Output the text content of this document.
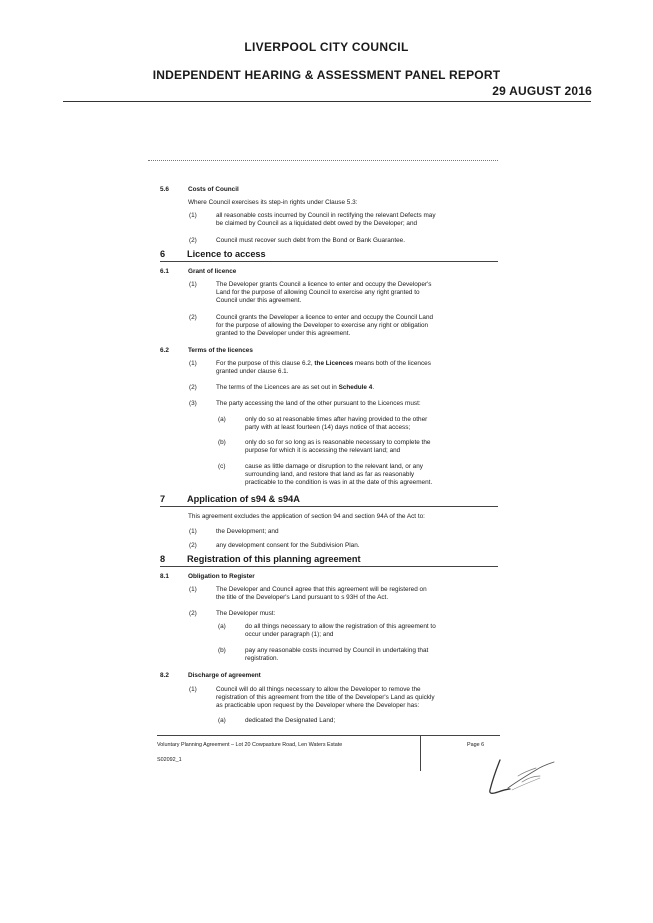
LIVERPOOL CITY COUNCIL
INDEPENDENT HEARING & ASSESSMENT PANEL REPORT
29 AUGUST 2016
5.6	Costs of Council
Where Council exercises its step-in rights under Clause 5.3:
(1)	all reasonable costs incurred by Council in rectifying the relevant Defects may
be claimed by Council as a liquidated debt owed by the Developer; and
(2)	Council must recover such debt from the Bond or Bank Guarantee.
6 Licence to access
6.1	Grant of licence
(1)	The Developer grants Council a licence to enter and occupy the Developer's
Land for the purpose of allowing Council to exercise any right granted to
Council under this agreement.
(2)	Council grants the Developer a licence to enter and occupy the Council Land
for the purpose of allowing the Developer to exercise any right or obligation
granted to the Developer under this agreement.
6.2	Terms of the licences
(1)	For the purpose of this clause 6.2, the Licences means both of the licences
granted under clause 6.1.
(2)	The terms of the Licences are as set out in Schedule 4.
(3)	The party accessing the land of the other pursuant to the Licences must:
(a)	only do so at reasonable times after having provided to the other
party with at least fourteen (14) days notice of that access;
(b)	only do so for so long as is reasonable necessary to complete the
purpose for which it is accessing the relevant land; and
(c)	cause as little damage or disruption to the relevant land, or any
surrounding land, and restore that land as far as reasonably
practicable to the condition is was in at the date of this agreement.
7 Application of s94 & s94A
This agreement excludes the application of section 94 and section 94A of the Act to:
(1)	the Development; and
(2)	any development consent for the Subdivision Plan.
8 Registration of this planning agreement
8.1	Obligation to Register
(1)	The Developer and Council agree that this agreement will be registered on
the title of the Developer's Land pursuant to s 93H of the Act.
(2)	The Developer must:
(a)	do all things necessary to allow the registration of this agreement to
occur under paragraph (1); and
(b)	pay any reasonable costs incurred by Council in undertaking that
registration.
8.2	Discharge of agreement
(1)	Council will do all things necessary to allow the Developer to remove the
registration of this agreement from the title of the Developer's Land as quickly
as practicable upon request by the Developer where the Developer has:
(a)	dedicated the Designated Land;
Voluntary Planning Agreement – Lot 20 Cowpasture Road, Len Waters Estate	Page 6
S02092_1
